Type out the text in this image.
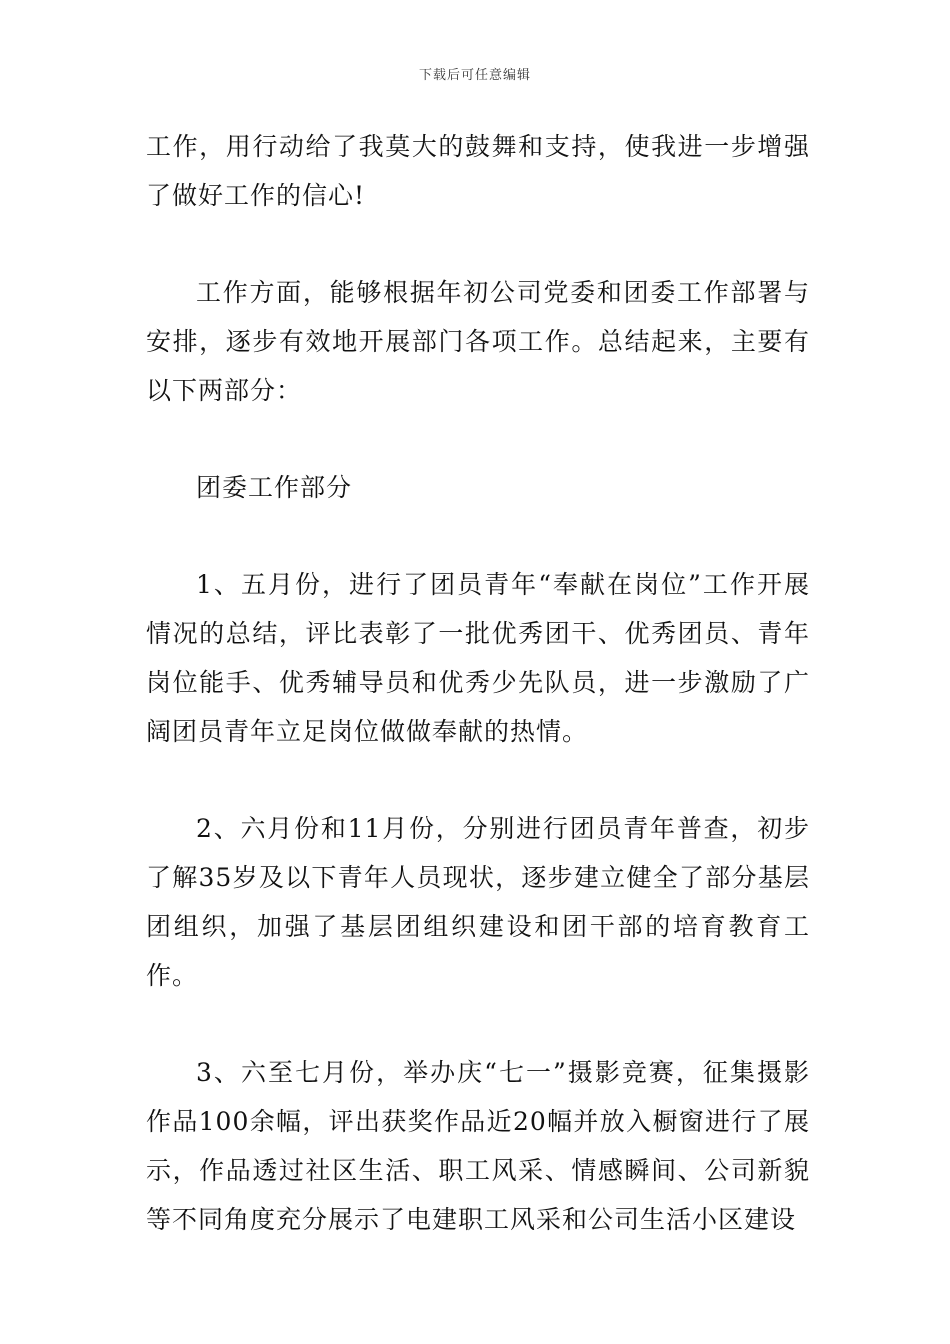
下载后可任意编辑

工作，用行动给了我莫大的鼓舞和支持，使我进一步增强了做好工作的信心!

工作方面，能够根据年初公司党委和团委工作部署与安排，逐步有效地开展部门各项工作。总结起来，主要有以下两部分：

团委工作部分

1、五月份，进行了团员青年“奉献在岗位”工作开展情况的总结，评比表彰了一批优秀团干、优秀团员、青年岗位能手、优秀辅导员和优秀少先队员，进一步激励了广阔团员青年立足岗位做做奉献的热情。

2、六月份和11月份，分别进行团员青年普查，初步了解35岁及以下青年人员现状，逐步建立健全了部分基层团组织，加强了基层团组织建设和团干部的培育教育工作。

3、六至七月份，举办庆“七一”摄影竞赛，征集摄影作品100余幅，评出获奖作品近20幅并放入橱窗进行了展示，作品透过社区生活、职工风采、情感瞬间、公司新貌等不同角度充分展示了电建职工风采和公司生活小区建设
